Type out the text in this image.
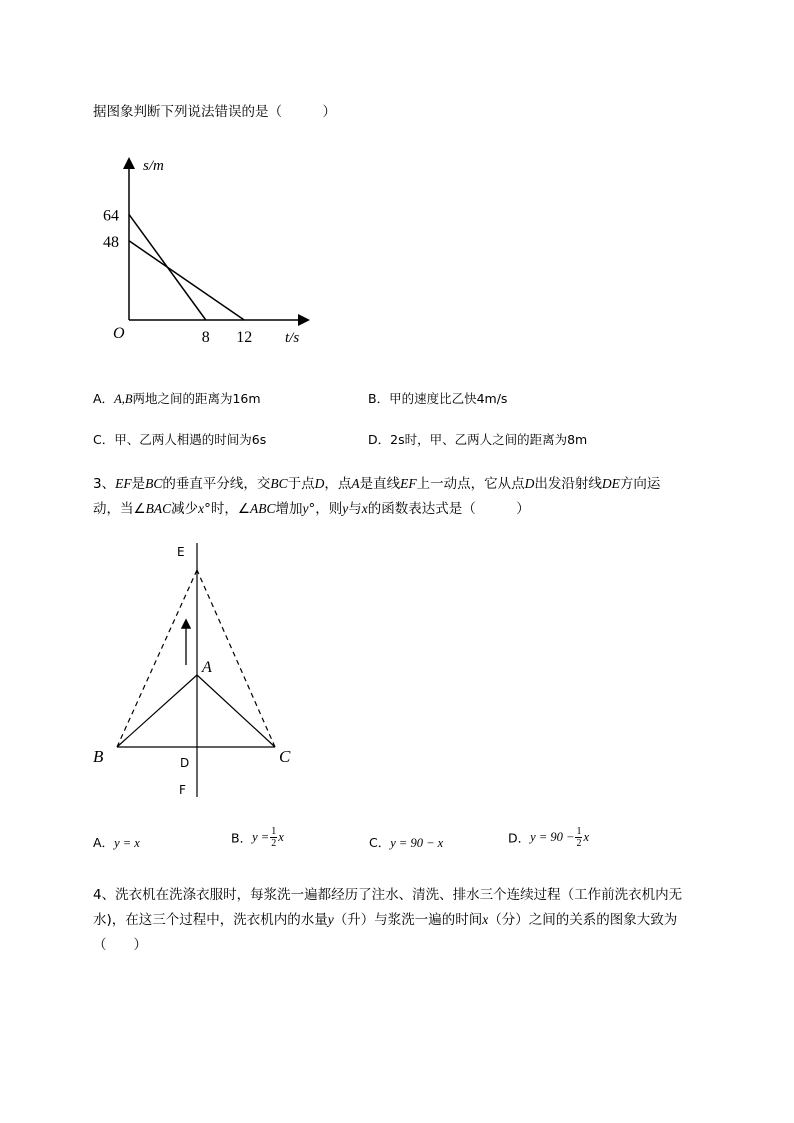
据图象判断下列说法错误的是（　　　）
s/m
t/s
O
64
48
8 12
A．A,B两地之间的距离为16m	B．甲的速度比乙快4m/s
C．甲、乙两人相遇的时间为6s	D．2s时，甲、乙两人之间的距离为8m
3、EF是BC的垂直平分线，交BC于点D，点A是直线EF上一动点，它从点D出发沿射线DE方向运
动，当∠BAC减少x°时，∠ABC增加y°，则y与x的函数表达式是（　　　）
E
A
B	C
D
F
A．y = x	B．$y = \frac{1}{2}$ x	C．y = 90 − x	D．$y = 90 - \frac{1}{2}$ x
4、洗衣机在洗涤衣服时，每浆洗一遍都经历了注水、清洗、排水三个连续过程（工作前洗衣机内无
水)，在这三个过程中，洗衣机内的水量y（升）与浆洗一遍的时间x（分）之间的关系的图象大致为
（　　）
